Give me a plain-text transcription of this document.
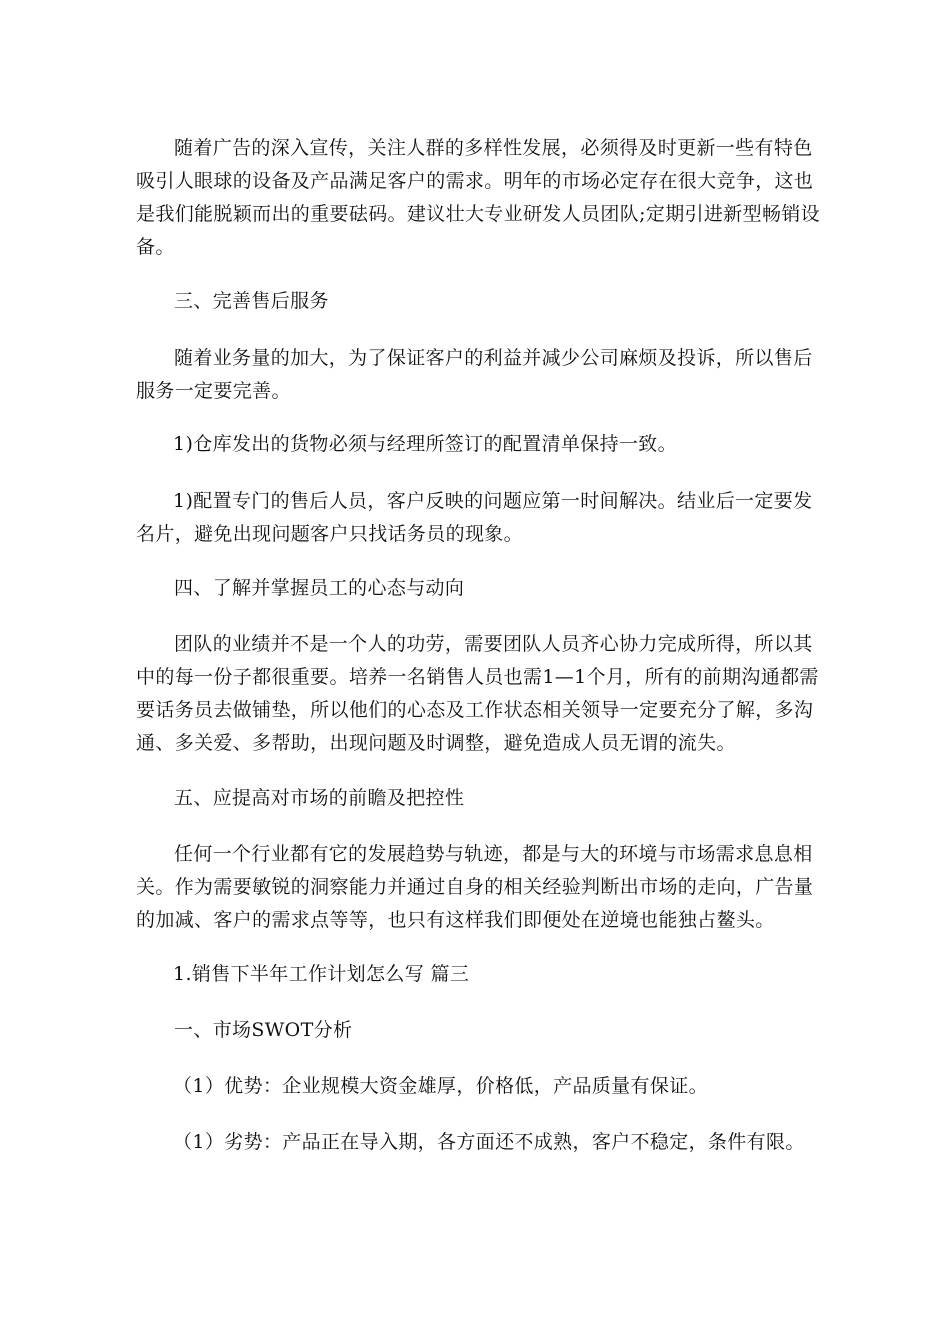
随着广告的深入宣传，关注人群的多样性发展，必须得及时更新一些有特色吸引人眼球的设备及产品满足客户的需求。明年的市场必定存在很大竞争，这也是我们能脱颖而出的重要砝码。建议壮大专业研发人员团队;定期引进新型畅销设备。

三、完善售后服务

随着业务量的加大，为了保证客户的利益并减少公司麻烦及投诉，所以售后服务一定要完善。

1)仓库发出的货物必须与经理所签订的配置清单保持一致。

1)配置专门的售后人员，客户反映的问题应第一时间解决。结业后一定要发名片，避免出现问题客户只找话务员的现象。

四、了解并掌握员工的心态与动向

团队的业绩并不是一个人的功劳，需要团队人员齐心协力完成所得，所以其中的每一份子都很重要。培养一名销售人员也需1—1个月，所有的前期沟通都需要话务员去做铺垫，所以他们的心态及工作状态相关领导一定要充分了解，多沟通、多关爱、多帮助，出现问题及时调整，避免造成人员无谓的流失。

五、应提高对市场的前瞻及把控性

任何一个行业都有它的发展趋势与轨迹，都是与大的环境与市场需求息息相关。作为需要敏锐的洞察能力并通过自身的相关经验判断出市场的走向，广告量的加减、客户的需求点等等，也只有这样我们即便处在逆境也能独占鳌头。

1.销售下半年工作计划怎么写 篇三

一、市场SWOT分析

（1）优势：企业规模大资金雄厚，价格低，产品质量有保证。

（1）劣势：产品正在导入期，各方面还不成熟，客户不稳定，条件有限。
